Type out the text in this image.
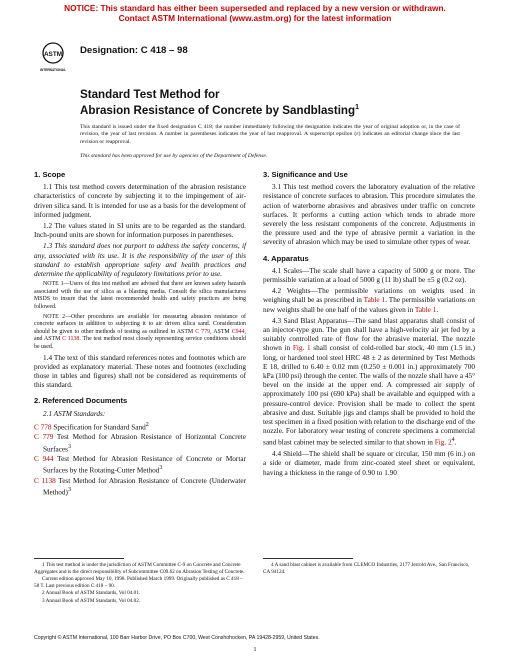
NOTICE: This standard has either been superseded and replaced by a new version or withdrawn.
Contact ASTM International (www.astm.org) for the latest information
ASTM
INTERNATIONAL
Designation: C 418 – 98
Standard Test Method for
Abrasion Resistance of Concrete by Sandblasting$^1$
This standard is issued under the fixed designation C 418; the number immediately following the designation indicates the year of original adoption or, in the case of revision, the year of last revision. A number in parentheses indicates the year of last reapproval. A superscript epsilon (ε) indicates an editorial change since the last revision or reapproval.
This standard has been approved for use by agencies of the Department of Defense.
1. Scope
1.1 This test method covers determination of the abrasion resistance characteristics of concrete by subjecting it to the impingement of air-driven silica sand. It is intended for use as a basis for the development of informed judgment.
1.2 The values stated in SI units are to be regarded as the standard. Inch-pound units are shown for information purposes in parentheses.
1.3 This standard does not purport to address the safety concerns, if any, associated with its use. It is the responsibility of the user of this standard to establish appropriate safety and health practices and determine the applicability of regulatory limitations prior to use.
NOTE 1—Users of this test method are advised that there are known safety hazards associated with the use of silica as a blasting media. Consult the silica manufactures MSDS to insure that the latest recommended health and safety practices are being followed.
NOTE 2—Other procedures are available for measuring abrasion resistance of concrete surfaces in addition to subjecting it to air driven silica sand. Consideration should be given to other methods of testing as outlined in ASTM C 779, ASTM C944, and ASTM C 1138. The test method most closely representing service conditions should be used.
1.4 The text of this standard references notes and footnotes which are provided as explanatory material. These notes and footnotes (excluding those in tables and figures) shall not be considered as requirements of this standard.
2. Referenced Documents
2.1 ASTM Standards:
C 778 Specification for Standard Sand$^2$
C 779 Test Method for Abrasion Resistance of Horizontal Concrete Surfaces$^3$
C 944 Test Method for Abrasion Resistance of Concrete or Mortar Surfaces by the Rotating-Cutter Method$^3$
C 1138 Test Method for Abrasion Resistance of Concrete (Underwater Method)$^3$
3. Significance and Use
3.1 This test method covers the laboratory evaluation of the relative resistance of concrete surfaces to abrasion. This procedure simulates the action of waterborne abrasives and abrasives under traffic on concrete surfaces. It performs a cutting action which tends to abrade more severely the less resistant components of the concrete. Adjustments in the pressure used and the type of abrasive permit a variation in the severity of abrasion which may be used to simulate other types of wear.
4. Apparatus
4.1 Scales—The scale shall have a capacity of 5000 g or more. The permissible variation at a load of 5000 g (11 lb) shall be ±5 g (0.2 oz).
4.2 Weights—The permissible variations on weights used in weighing shall be as prescribed in Table 1. The permissible variations on new weights shall be one half of the values given in Table 1.
4.3 Sand Blast Apparatus—The sand blast apparatus shall consist of an injector-type gun. The gun shall have a high-velocity air jet fed by a suitably controlled rate of flow for the abrasive material. The nozzle shown in Fig. 1 shall consist of cold-rolled bar stock, 40 mm (1.5 in.) long, or hardened tool steel HRC 48 ± 2 as determined by Test Methods E 18, drilled to 6.40 ± 0.02 mm (0.250 ± 0.001 in.) approximately 700 kPa (100 psi) through the center. The walls of the nozzle shall have a 45° bevel on the inside at the upper end. A compressed air supply of approximately 100 psi (690 kPa) shall be available and equipped with a pressure-control device. Provision shall be made to collect the spent abrasive and dust. Suitable jigs and clamps shall be provided to hold the test specimen in a fixed position with relation to the discharge end of the nozzle. For laboratory wear testing of concrete specimens a commercial sand blast cabinet may be selected similar to that shown in Fig. $2^4$.
4.4 Shield—The shield shall be square or circular, 150 mm (6 in.) on a side or diameter, made from zinc-coated steel sheet or equivalent, having a thickness in the range of 0.90 to 1.90

1 This test method is under the jurisdiction of ASTM Committee C-9 on Concrete and Concrete Aggregates and is the direct responsibility of Subcommittee C09.62 on Abrasion Testing of Concrete.

Current edition approved May 10, 1998. Published March 1999. Originally published as C 418 – 58 T. Last previous edition C 418 – 90.

2 Annual Book of ASTM Standards, Vol 04.01.

3 Annual Book of ASTM Standards, Vol 04.02.

4 A sand blast cabinet is available from CLEMCO Industries, 2177 Jerrold Ave., San Francisco, CA 94124.

Copyright © ASTM International, 100 Barr Harbor Drive, PO Box C700, West Conshohocken, PA 19428-2959, United States.
1
